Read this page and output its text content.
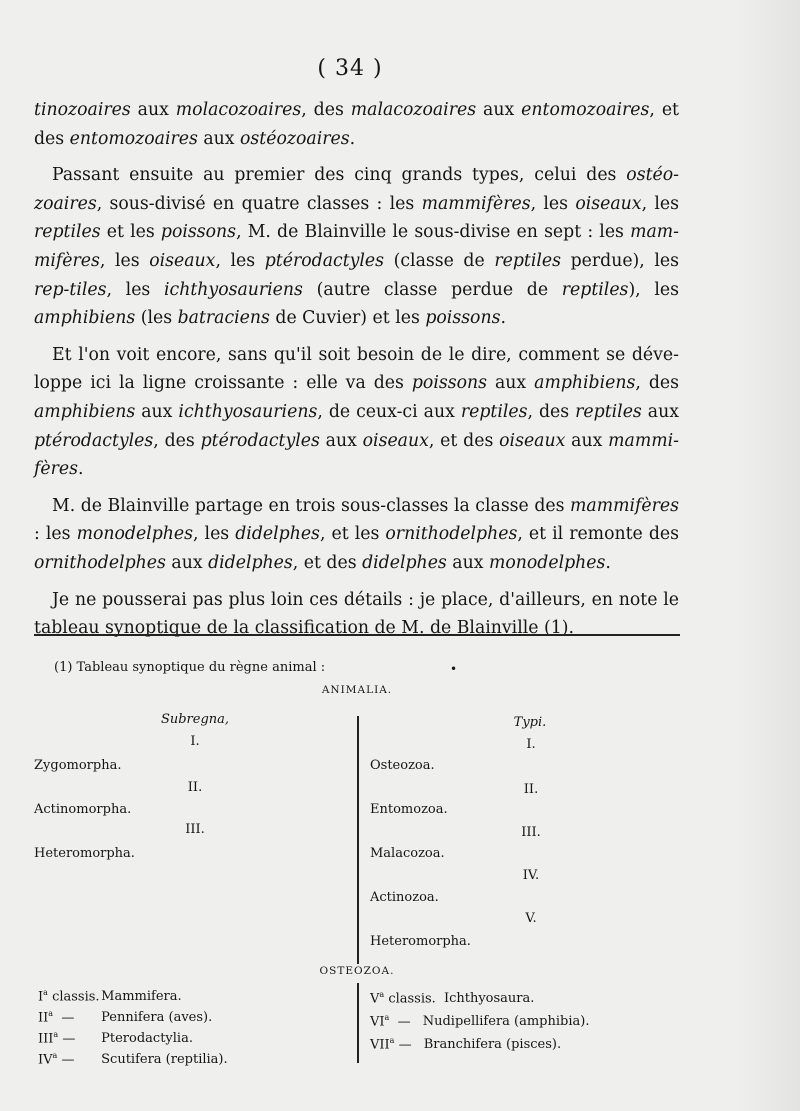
( 34 )

tinozoaires aux molacozoaires, des malacozoaires aux entomozoaires, et des entomozoaires aux ostéozoaires.

Passant ensuite au premier des cinq grands types, celui des ostéo-zoaires, sous-divisé en quatre classes : les mammifères, les oiseaux, les reptiles et les poissons, M. de Blainville le sous-divise en sept : les mam-mifères, les oiseaux, les ptérodactyles (classe de reptiles perdue), les rep-tiles, les ichthyosauriens (autre classe perdue de reptiles), les amphibiens (les batraciens de Cuvier) et les poissons.

Et l'on voit encore, sans qu'il soit besoin de le dire, comment se déve-loppe ici la ligne croissante : elle va des poissons aux amphibiens, des amphibiens aux ichthyosauriens, de ceux-ci aux reptiles, des reptiles aux ptérodactyles, des ptérodactyles aux oiseaux, et des oiseaux aux mammi-fères.

M. de Blainville partage en trois sous-classes la classe des mammifères : les monodelphes, les didelphes, et les ornithodelphes, et il remonte des ornithodelphes aux didelphes, et des didelphes aux monodelphes.

Je ne pousserai pas plus loin ces détails : je place, d'ailleurs, en note le tableau synoptique de la classification de M. de Blainville (1).

(1) Tableau synoptique du règne animal :	•
ANIMALIA.
Subregna,	Typi.
I.
Zygomorpha.
II.
Actinomorpha.
III.
Heteromorpha.
I.
Osteozoa.
II.
Entomozoa.
III.
Malacozoa.
IV.
Actinozoa.
V.
Heteromorpha.
OSTEOZOA.
$I^a$ classis. Mammifera.
$II^a$ — Pennifera (aves).
III$^a$ — Pterodactylia.
$IV^a$ — Scutifera (reptilia).
$V^a$ classis. Ichthyosaura.
$VI^a$ — Nudipellifera (amphibia).
VII$^a$ — Branchifera (pisces).
